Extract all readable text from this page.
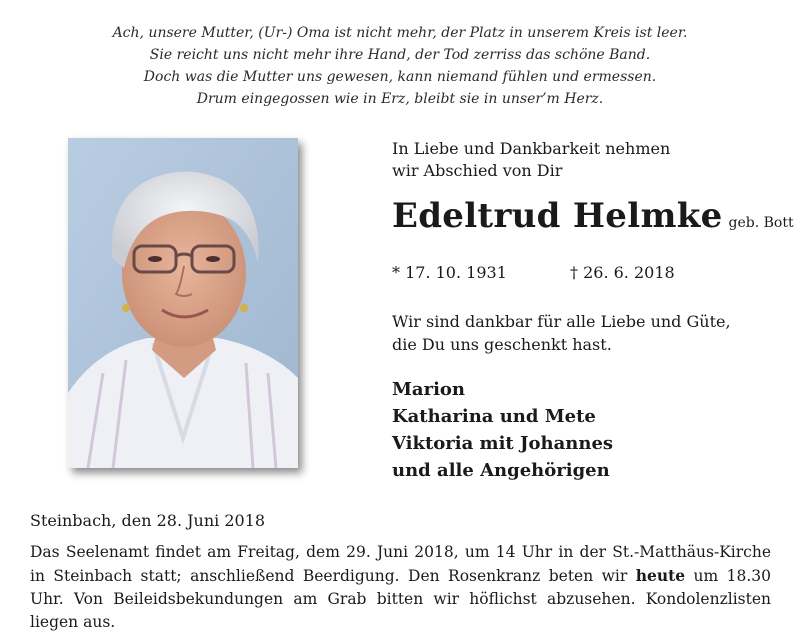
Ach, unsere Mutter, (Ur-) Oma ist nicht mehr, der Platz in unserem Kreis ist leer.
Sie reicht uns nicht mehr ihre Hand, der Tod zerriss das schöne Band.
Doch was die Mutter uns gewesen, kann niemand fühlen und ermessen.
Drum eingegossen wie in Erz, bleibt sie in unser’m Herz.
In Liebe und Dankbarkeit nehmen
wir Abschied von Dir
Edeltrud Helmke geb. Bott
* 17. 10. 1931	† 26. 6. 2018
Wir sind dankbar für alle Liebe und Güte,
die Du uns geschenkt hast.
Marion
Katharina und Mete
Viktoria mit Johannes
und alle Angehörigen
Steinbach, den 28. Juni 2018
Das Seelenamt findet am Freitag, dem 29. Juni 2018, um 14 Uhr in der St.-Matthäus-Kirche in Steinbach statt; anschließend Beerdigung. Den Rosenkranz beten wir heute um 18.30 Uhr. Von Beileidsbekundungen am Grab bitten wir höflichst abzusehen. Kondolenzlisten liegen aus.
